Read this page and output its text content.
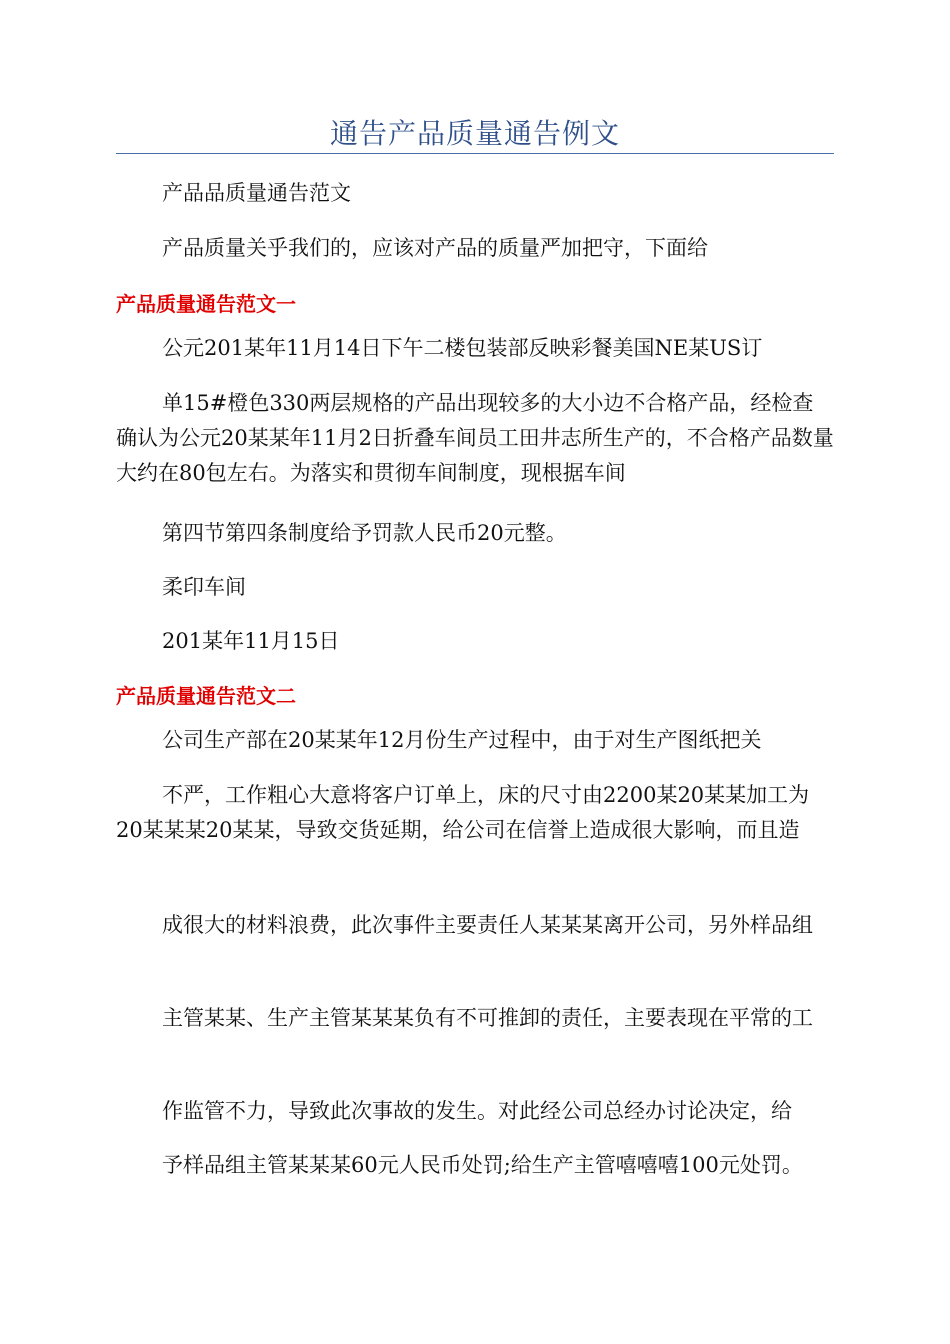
通告产品质量通告例文
产品品质量通告范文
产品质量关乎我们的，应该对产品的质量严加把守，下面给
产品质量通告范文一
公元201某年11月14日下午二楼包装部反映彩餐美国NE某US订
单15#橙色330两层规格的产品出现较多的大小边不合格产品，经检查确认为公元20某某年11月2日折叠车间员工田井志所生产的，不合格产品数量大约在80包左右。为落实和贯彻车间制度，现根据车间
第四节第四条制度给予罚款人民币20元整。
柔印车间
201某年11月15日
产品质量通告范文二
公司生产部在20某某年12月份生产过程中，由于对生产图纸把关
不严，工作粗心大意将客户订单上，床的尺寸由2200某20某某加工为20某某某20某某，导致交货延期，给公司在信誉上造成很大影响，而且造
成很大的材料浪费，此次事件主要责任人某某某离开公司，另外样品组
主管某某、生产主管某某某负有不可推卸的责任，主要表现在平常的工
作监管不力，导致此次事故的发生。对此经公司总经办讨论决定，给
予样品组主管某某某60元人民币处罚;给生产主管嘻嘻嘻100元处罚。
